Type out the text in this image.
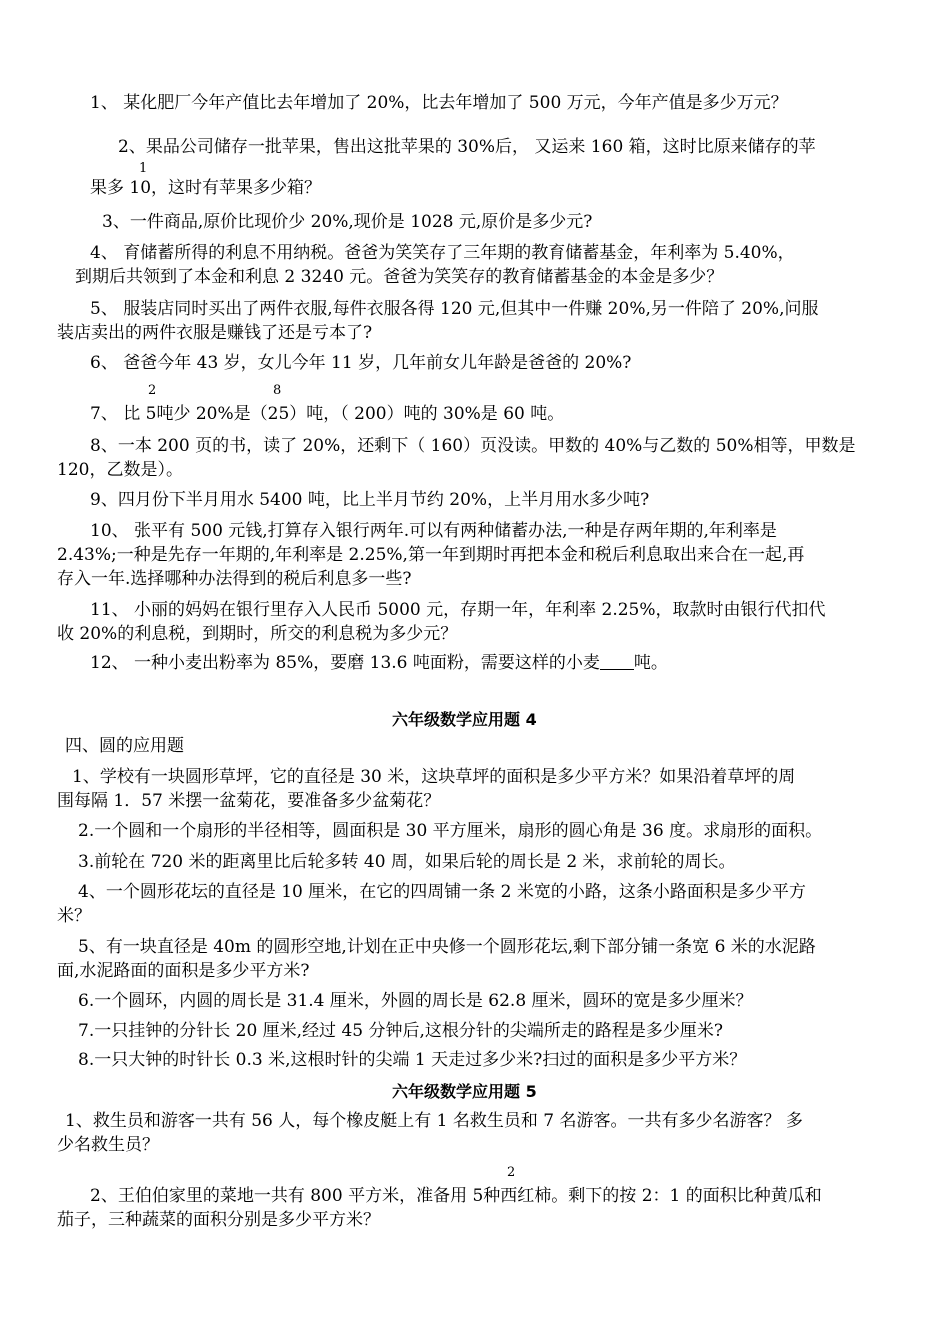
1、 某化肥厂今年产值比去年增加了 20%，比去年增加了 500 万元，今年产值是多少万元？
2、果品公司储存一批苹果，售出这批苹果的 30%后， 又运来 160 箱，这时比原来储存的苹
1
果多 10，这时有苹果多少箱？
3、一件商品,原价比现价少 20%,现价是 1028 元,原价是多少元?
4、 育储蓄所得的利息不用纳税。爸爸为笑笑存了三年期的教育储蓄基金，年利率为 5.40%，
到期后共领到了本金和利息 2 3240 元。爸爸为笑笑存的教育储蓄基金的本金是多少？
5、 服装店同时买出了两件衣服,每件衣服各得 120 元,但其中一件赚 20%,另一件陪了 20%,问服
装店卖出的两件衣服是赚钱了还是亏本了?
6、 爸爸今年 43 岁，女儿今年 11 岁，几年前女儿年龄是爸爸的 20%?
2	8
7、 比 5吨少 20%是（25）吨，（ 200）吨的 30%是 60 吨。
8、一本 200 页的书，读了 20%，还剩下（ 160）页没读。甲数的 40%与乙数的 50%相等，甲数是
120，乙数是）。
9、四月份下半月用水 5400 吨，比上半月节约 20%，上半月用水多少吨?
10、 张平有 500 元钱,打算存入银行两年.可以有两种储蓄办法,一种是存两年期的,年利率是
2.43%;一种是先存一年期的,年利率是 2.25%,第一年到期时再把本金和税后利息取出来合在一起,再
存入一年.选择哪种办法得到的税后利息多一些?
11、 小丽的妈妈在银行里存入人民币 5000 元，存期一年，年利率 2.25%，取款时由银行代扣代
收 20%的利息税，到期时，所交的利息税为多少元？
12、 一种小麦出粉率为 85%，要磨 13.6 吨面粉，需要这样的小麦 吨。
六年级数学应用题 4
四、圆的应用题
1、学校有一块圆形草坪，它的直径是 30 米，这块草坪的面积是多少平方米？如果沿着草坪的周
围每隔 1．57 米摆一盆菊花，要准备多少盆菊花？
2.一个圆和一个扇形的半径相等，圆面积是 30 平方厘米，扇形的圆心角是 36 度。求扇形的面积。
3.前轮在 720 米的距离里比后轮多转 40 周，如果后轮的周长是 2 米，求前轮的周长。
4、一个圆形花坛的直径是 10 厘米，在它的四周铺一条 2 米宽的小路，这条小路面积是多少平方
米？
5、有一块直径是 40m 的圆形空地,计划在正中央修一个圆形花坛,剩下部分铺一条宽 6 米的水泥路
面,水泥路面的面积是多少平方米?
6.一个圆环，内圆的周长是 31.4 厘米，外圆的周长是 62.8 厘米，圆环的宽是多少厘米？
7.一只挂钟的分针长 20 厘米,经过 45 分钟后,这根分针的尖端所走的路程是多少厘米?
8.一只大钟的时针长 0.3 米,这根时针的尖端 1 天走过多少米?扫过的面积是多少平方米？
六年级数学应用题 5
1、救生员和游客一共有 56 人，每个橡皮艇上有 1 名救生员和 7 名游客。一共有多少名游客？ 多
少名救生员？
2
2、王伯伯家里的菜地一共有 800 平方米，准备用 5种西红柿。剩下的按 2：1 的面积比种黄瓜和
茄子，三种蔬菜的面积分别是多少平方米？
